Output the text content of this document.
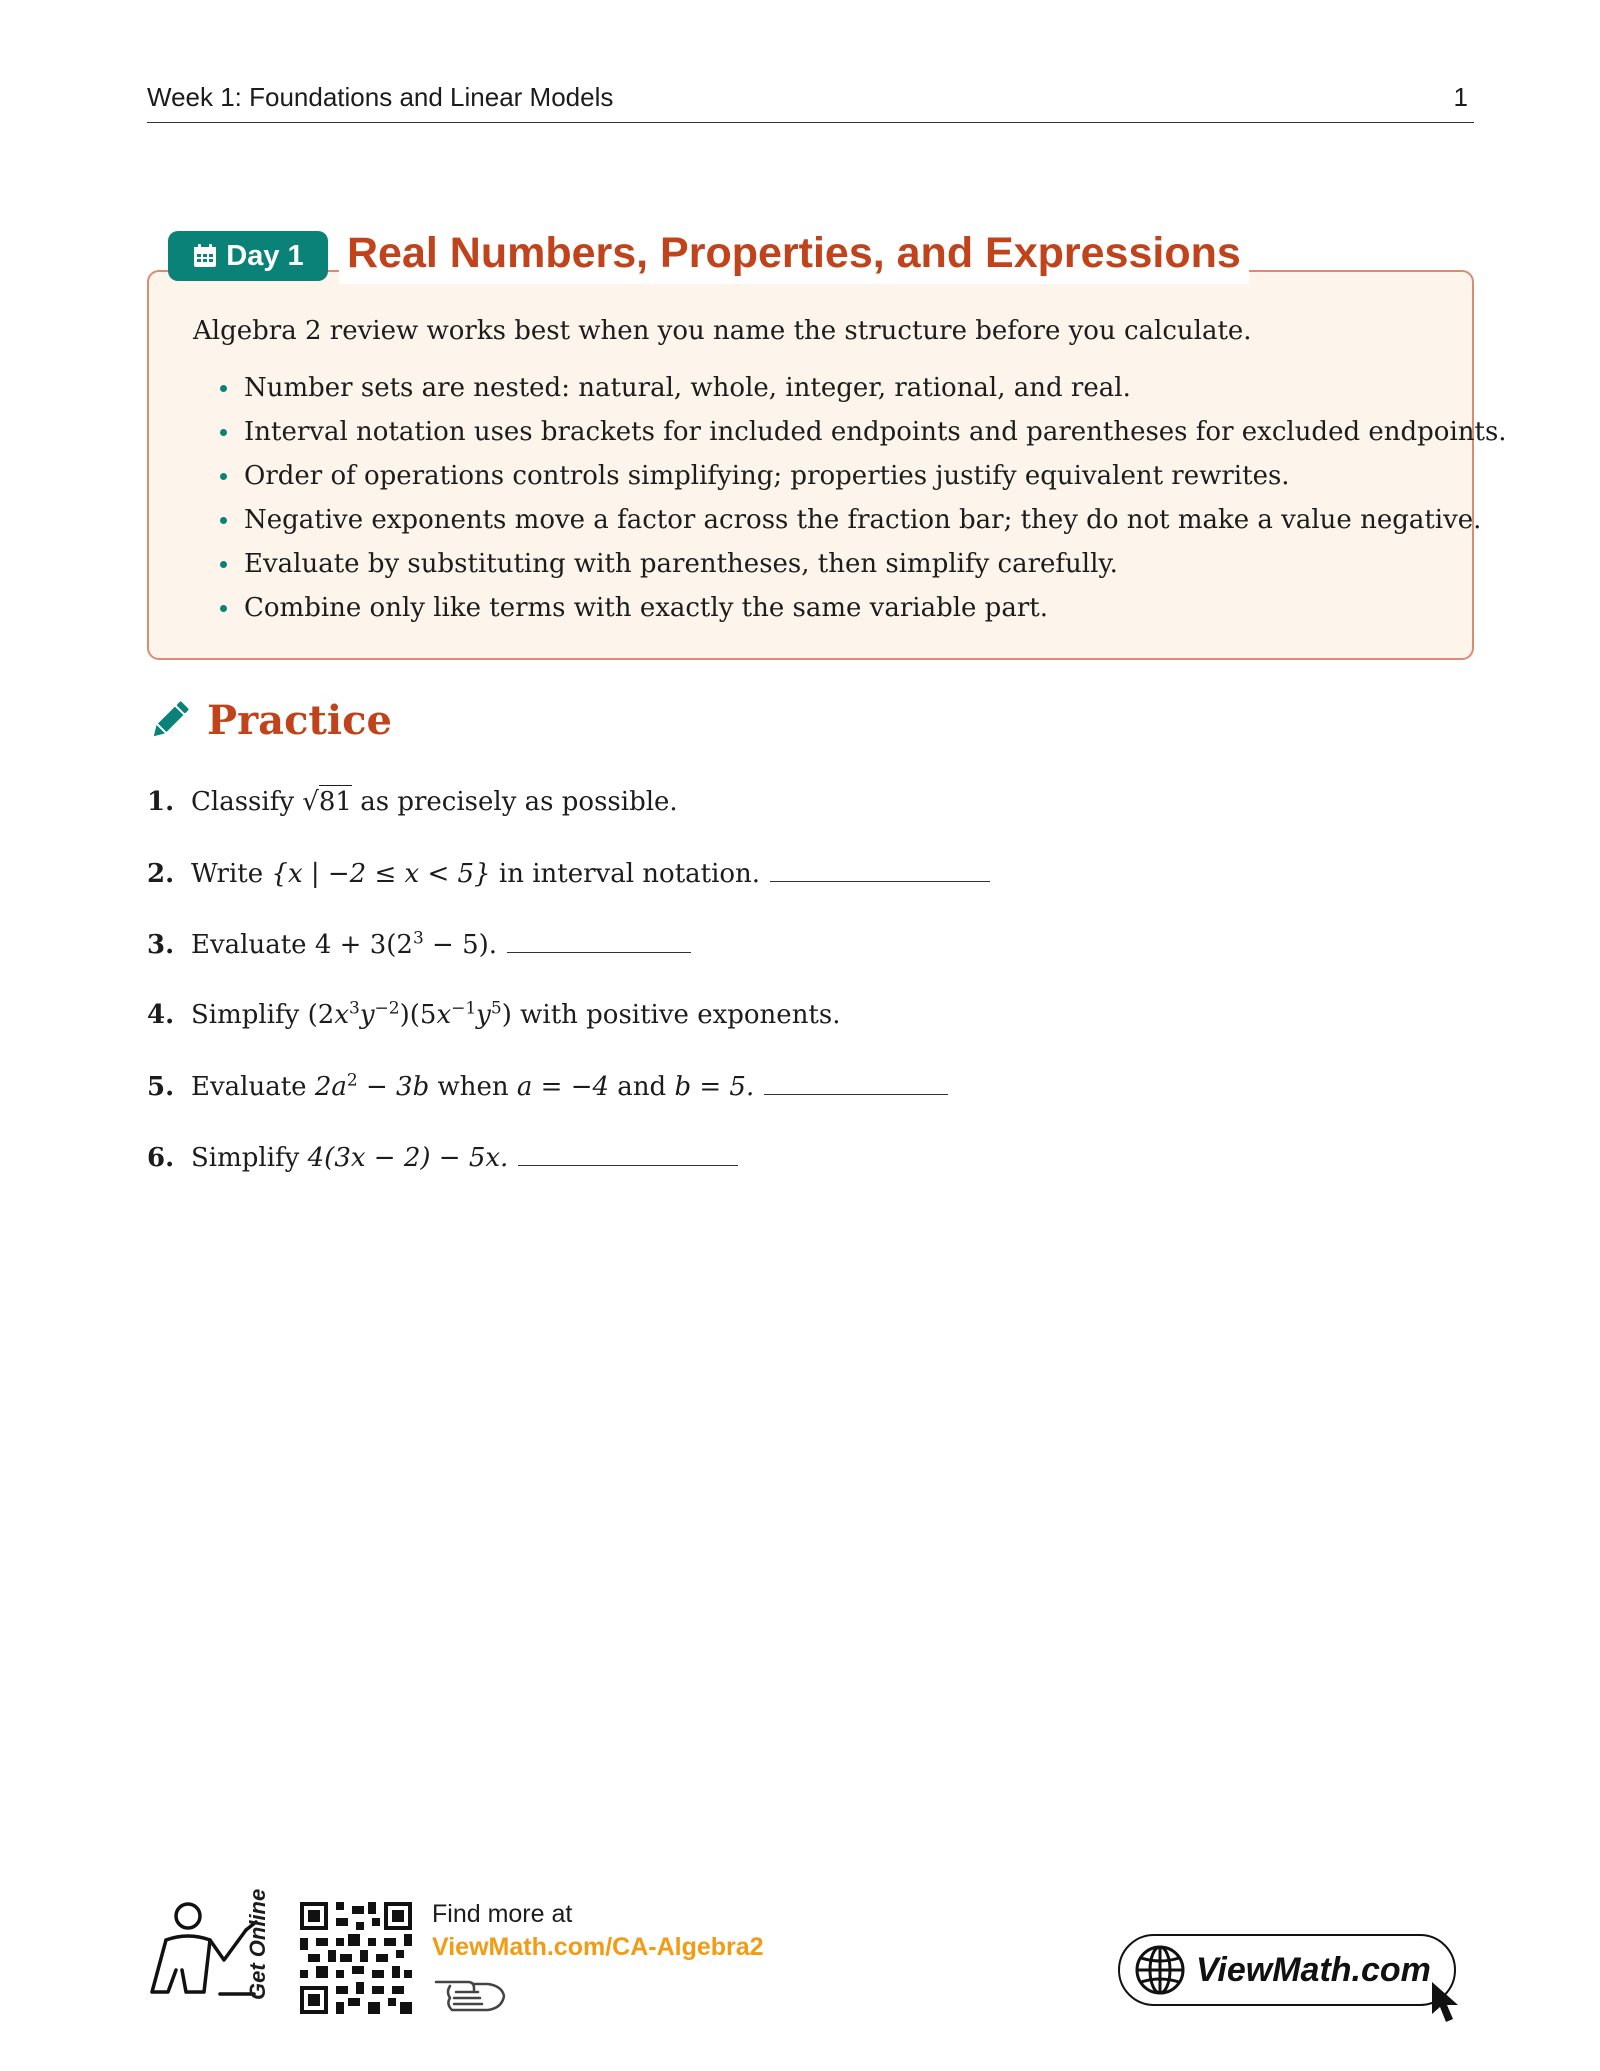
Week 1: Foundations and Linear Models	1
Day 1 Real Numbers, Properties, and Expressions
Algebra 2 review works best when you name the structure before you calculate.
Number sets are nested: natural, whole, integer, rational, and real.
Interval notation uses brackets for included endpoints and parentheses for excluded endpoints.
Order of operations controls simplifying; properties justify equivalent rewrites.
Negative exponents move a factor across the fraction bar; they do not make a value negative.
Evaluate by substituting with parentheses, then simplify carefully.
Combine only like terms with exactly the same variable part.
Practice
1. Classify √81 as precisely as possible.
2. Write {x | −2 ≤ x < 5} in interval notation.
3. Evaluate $4 + 3(2^3 - 5)$.
4. Simplify $(2x^3y^{-2})(5x^{-1}y^5)$ with positive exponents.
5. Evaluate $2a^2 - 3b$ when a = −4 and b = 5.
6. Simplify 4(3x − 2) − 5x.
Get Online	Find more at
ViewMath.com/CA-Algebra2
ViewMath.com
